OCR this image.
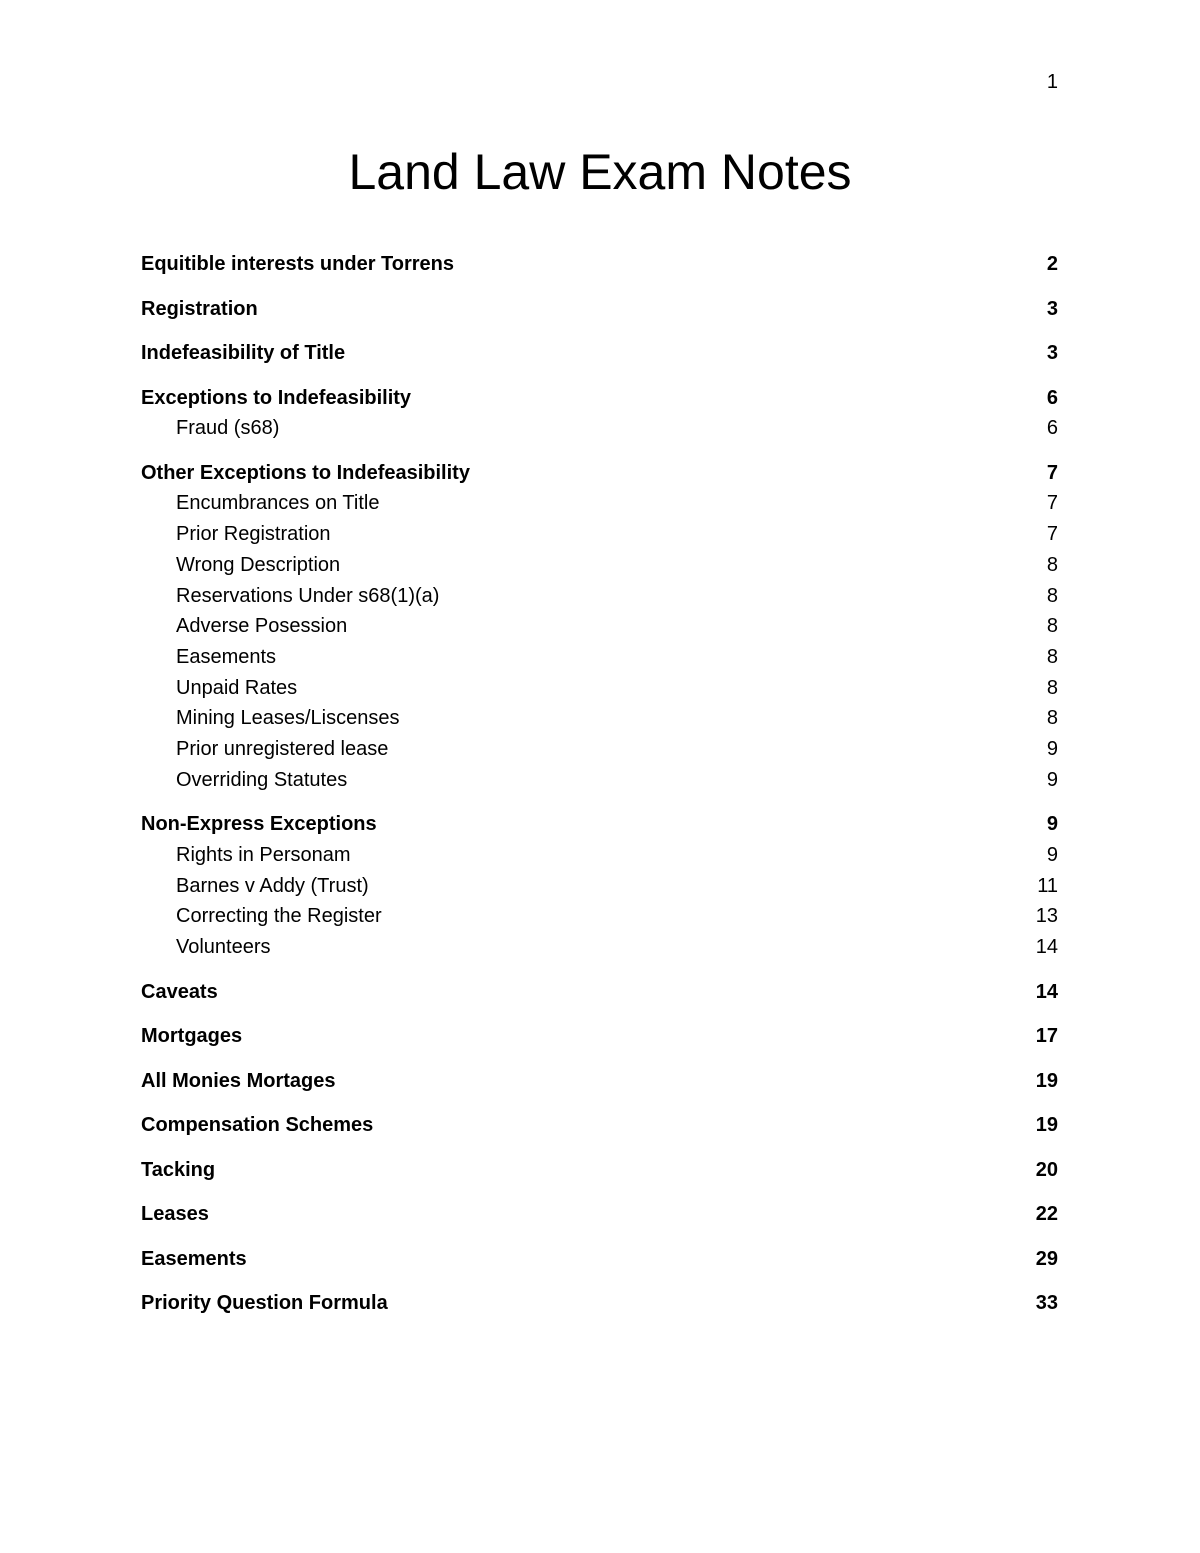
1
Land Law Exam Notes
Equitible interests under Torrens	2
Registration	3
Indefeasibility of Title	3
Exceptions to Indefeasibility	6
Fraud (s68)	6
Other Exceptions to Indefeasibility	7
Encumbrances on Title	7
Prior Registration	7
Wrong Description	8
Reservations Under s68(1)(a)	8
Adverse Posession	8
Easements	8
Unpaid Rates	8
Mining Leases/Liscenses	8
Prior unregistered lease	9
Overriding Statutes	9
Non-Express Exceptions	9
Rights in Personam	9
Barnes v Addy (Trust)	11
Correcting the Register	13
Volunteers	14
Caveats	14
Mortgages	17
All Monies Mortages	19
Compensation Schemes	19
Tacking	20
Leases	22
Easements	29
Priority Question Formula	33
